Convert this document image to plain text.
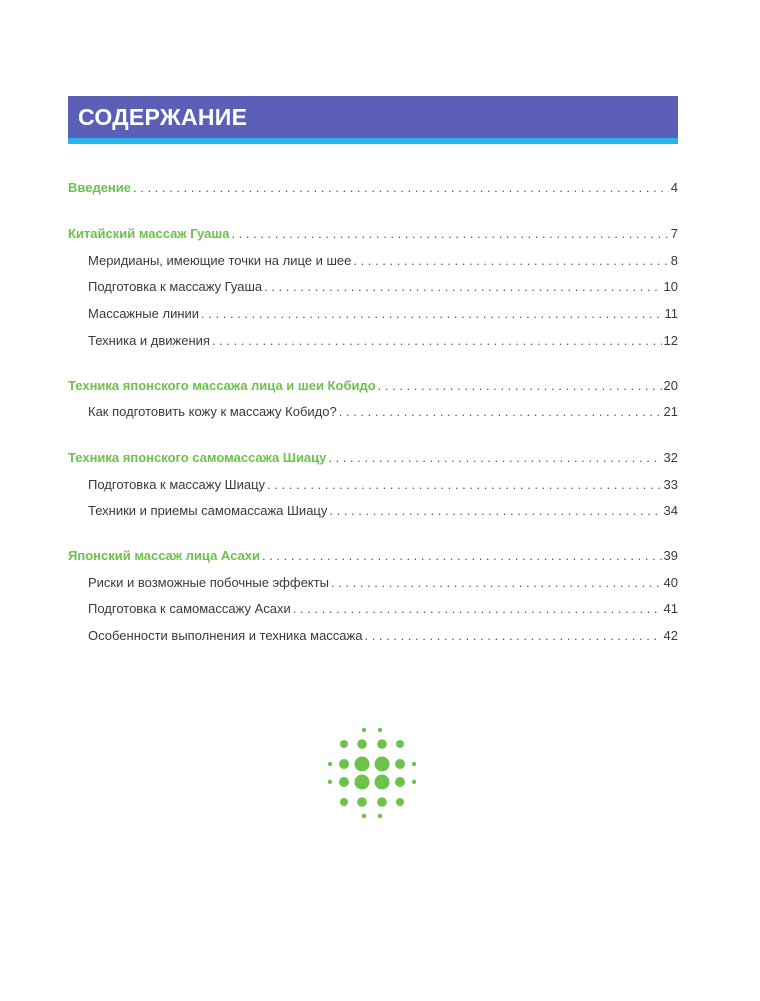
СОДЕРЖАНИЕ
Введение . . .	4
Китайский массаж Гуаша . . .	7
Меридианы, имеющие точки на лице и шее . . .	8
Подготовка к массажу Гуаша . . .	10
Массажные линии . . .	11
Техника и движения . . .	12
Техника японского массажа лица и шеи Кобидо . . .	20
Как подготовить кожу к массажу Кобидо? . . .	21
Техника японского самомассажа Шиацу . . .	32
Подготовка к массажу Шиацу . . .	33
Техники и приемы самомассажа Шиацу . . .	34
Японский массаж лица Асахи . . .	39
Риски и возможные побочные эффекты . . .	40
Подготовка к самомассажу Асахи . . .	41
Особенности выполнения и техника массажа . . .	42
